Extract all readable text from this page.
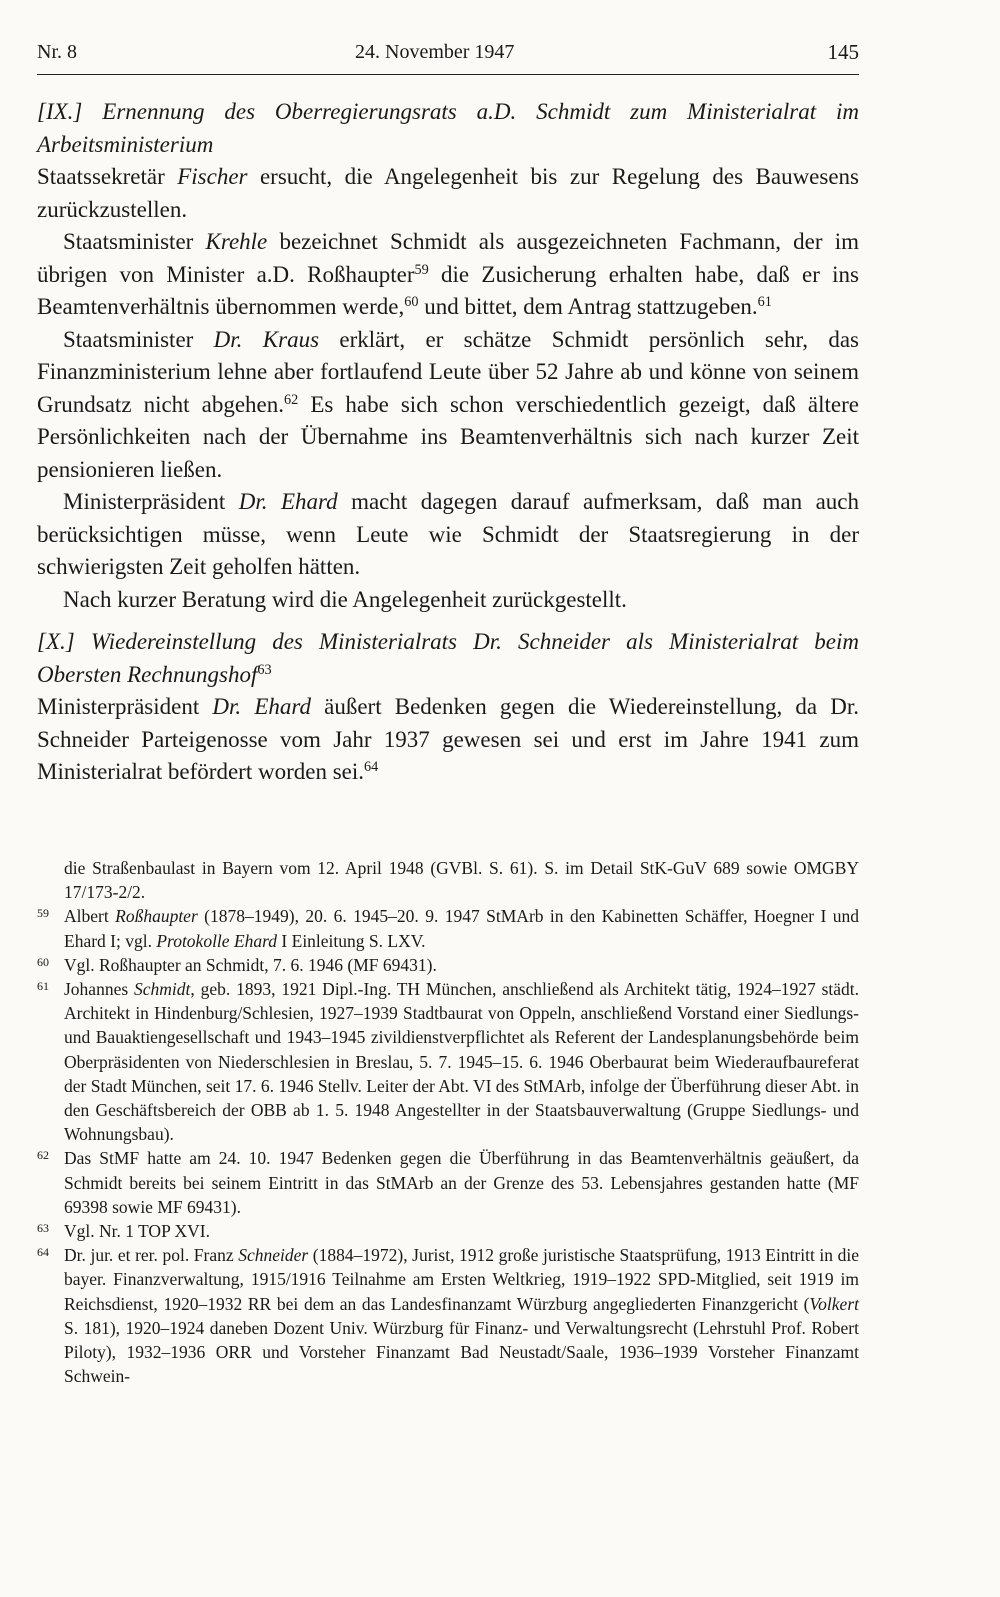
Nr. 8	24. November 1947	145

[IX.] Ernennung des Oberregierungsrats a.D. Schmidt zum Ministerialrat im Arbeitsministerium

Staatssekretär Fischer ersucht, die Angelegenheit bis zur Regelung des Bauwesens zurückzustellen.

Staatsminister Krehle bezeichnet Schmidt als ausgezeichneten Fachmann, der im übrigen von Minister a.D. Roßhaupter$^{59}$ die Zusicherung erhalten habe, daß er ins Beamtenverhältnis übernommen werde,$^{60}$ und bittet, dem Antrag stattzugeben.$^{61}$

Staatsminister Dr. Kraus erklärt, er schätze Schmidt persönlich sehr, das Finanzministerium lehne aber fortlaufend Leute über 52 Jahre ab und könne von seinem Grundsatz nicht abgehen.$^{62}$ Es habe sich schon verschiedentlich gezeigt, daß ältere Persönlichkeiten nach der Übernahme ins Beamtenverhältnis sich nach kurzer Zeit pensionieren ließen.

Ministerpräsident Dr. Ehard macht dagegen darauf aufmerksam, daß man auch berücksichtigen müsse, wenn Leute wie Schmidt der Staatsregierung in der schwierigsten Zeit geholfen hätten.

Nach kurzer Beratung wird die Angelegenheit zurückgestellt.

[X.] Wiedereinstellung des Ministerialrats Dr. Schneider als Ministerialrat beim Obersten Rechnungshof$^{63}$

Ministerpräsident Dr. Ehard äußert Bedenken gegen die Wiedereinstellung, da Dr. Schneider Parteigenosse vom Jahr 1937 gewesen sei und erst im Jahre 1941 zum Ministerialrat befördert worden sei.$^{64}$

die Straßenbaulast in Bayern vom 12. April 1948 (GVBl. S. 61). S. im Detail StK-GuV 689 sowie OMGBY 17/173-2/2.

59 Albert Roßhaupter (1878–1949), 20. 6. 1945–20. 9. 1947 StMArb in den Kabinetten Schäffer, Hoegner I und Ehard I; vgl. Protokolle Ehard I Einleitung S. LXV.

60 Vgl. Roßhaupter an Schmidt, 7. 6. 1946 (MF 69431).

61 Johannes Schmidt, geb. 1893, 1921 Dipl.-Ing. TH München, anschließend als Architekt tätig, 1924–1927 städt. Architekt in Hindenburg/Schlesien, 1927–1939 Stadtbaurat von Oppeln, anschließend Vorstand einer Siedlungs- und Bauaktiengesellschaft und 1943–1945 zivildienstverpflichtet als Referent der Landesplanungsbehörde beim Oberpräsidenten von Niederschlesien in Breslau, 5. 7. 1945–15. 6. 1946 Oberbaurat beim Wiederaufbaureferat der Stadt München, seit 17. 6. 1946 Stellv. Leiter der Abt. VI des StMArb, infolge der Überführung dieser Abt. in den Geschäftsbereich der OBB ab 1. 5. 1948 Angestellter in der Staatsbauverwaltung (Gruppe Siedlungs- und Wohnungsbau).

62 Das StMF hatte am 24. 10. 1947 Bedenken gegen die Überführung in das Beamtenverhältnis geäußert, da Schmidt bereits bei seinem Eintritt in das StMArb an der Grenze des 53. Lebensjahres gestanden hatte (MF 69398 sowie MF 69431).

63 Vgl. Nr. 1 TOP XVI.

64 Dr. jur. et rer. pol. Franz Schneider (1884–1972), Jurist, 1912 große juristische Staatsprüfung, 1913 Eintritt in die bayer. Finanzverwaltung, 1915/1916 Teilnahme am Ersten Weltkrieg, 1919–1922 SPD-Mitglied, seit 1919 im Reichsdienst, 1920–1932 RR bei dem an das Landesfinanzamt Würzburg angegliederten Finanzgericht (Volkert S. 181), 1920–1924 daneben Dozent Univ. Würzburg für Finanz- und Verwaltungsrecht (Lehrstuhl Prof. Robert Piloty), 1932–1936 ORR und Vorsteher Finanzamt Bad Neustadt/Saale, 1936–1939 Vorsteher Finanzamt Schwein-
